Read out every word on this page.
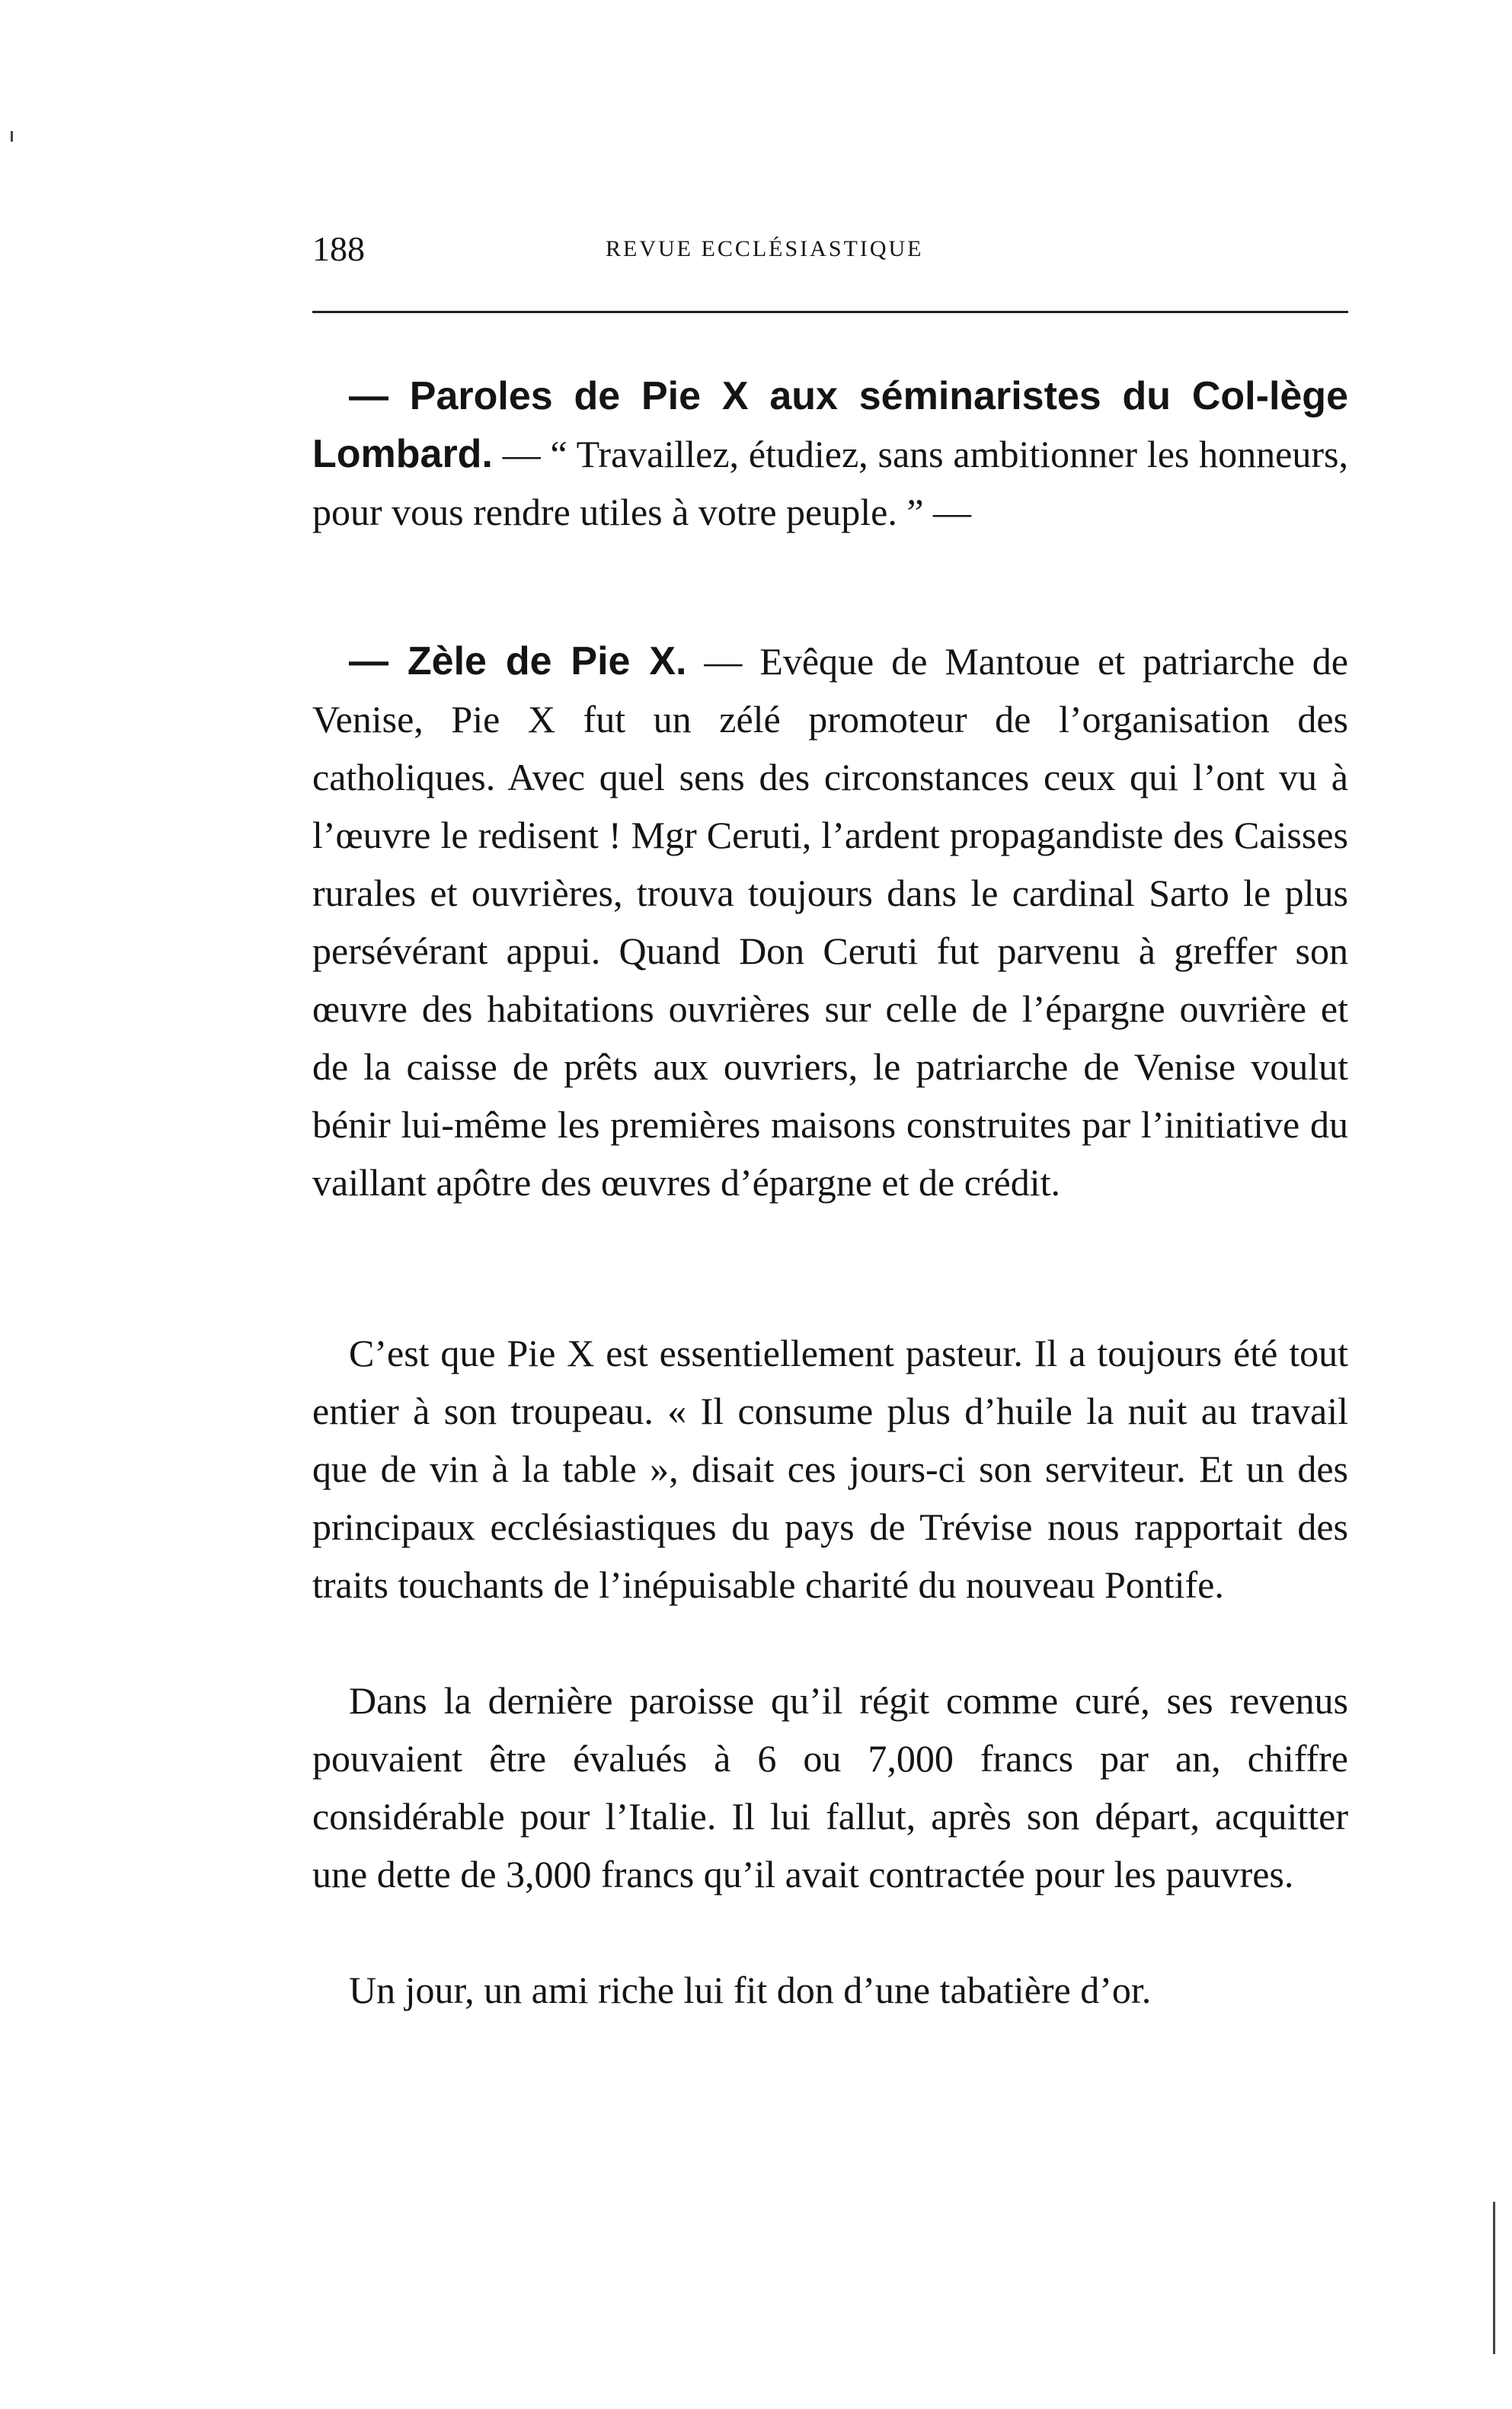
188	REVUE ECCLÉSIASTIQUE

— Paroles de Pie X aux séminaristes du Col-lège Lombard. — “ Travaillez, étudiez, sans ambitionner les honneurs, pour vous rendre utiles à votre peuple. ” —

— Zèle de Pie X. — Evêque de Mantoue et patriarche de Venise, Pie X fut un zélé promoteur de l’organisation des catholiques. Avec quel sens des circonstances ceux qui l’ont vu à l’œuvre le redisent ! Mgr Ceruti, l’ardent propagandiste des Caisses rurales et ouvrières, trouva toujours dans le cardinal Sarto le plus persévérant appui. Quand Don Ceruti fut parvenu à greffer son œuvre des habitations ouvrières sur celle de l’épargne ouvrière et de la caisse de prêts aux ouvriers, le patriarche de Venise voulut bénir lui-même les premières maisons construites par l’initiative du vaillant apôtre des œuvres d’épargne et de crédit.

C’est que Pie X est essentiellement pasteur. Il a toujours été tout entier à son troupeau. « Il consume plus d’huile la nuit au travail que de vin à la table », disait ces jours-ci son serviteur. Et un des principaux ecclésiastiques du pays de Trévise nous rapportait des traits touchants de l’inépuisable charité du nouveau Pontife.

Dans la dernière paroisse qu’il régit comme curé, ses revenus pouvaient être évalués à 6 ou 7,000 francs par an, chiffre considérable pour l’Italie. Il lui fallut, après son départ, acquitter une dette de 3,000 francs qu’il avait contractée pour les pauvres.

Un jour, un ami riche lui fit don d’une tabatière d’or.
